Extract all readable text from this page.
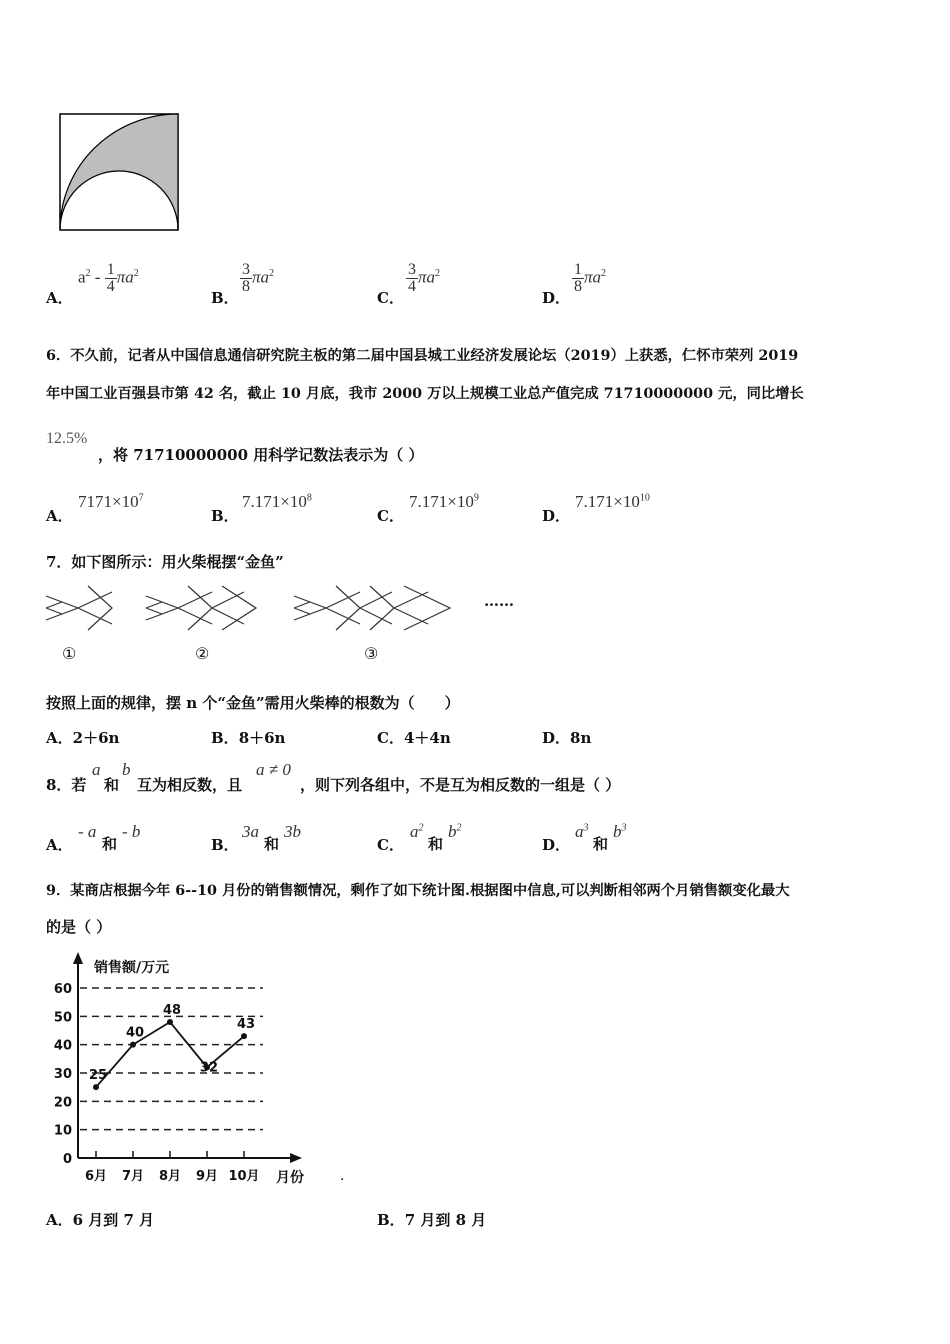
A．
$a^2 - \frac{1}{4} \pi a^2$
B．
$\frac{3}{8} \pi a^2$
C．
$\frac{3}{4} \pi a^2$
D．
$\frac{1}{8} \pi a^2$
6．不久前，记者从中国信息通信研究院主板的第二届中国县城工业经济发展论坛（2019）上获悉，仁怀市荣列 2019
年中国工业百强县市第 42 名，截止 10 月底，我市 2000 万以上规模工业总产值完成 71710000000 元，同比增长
12.5%
，将 71710000000 用科学记数法表示为（ ）
A．
$7171\times 10^7$
B．
$7.171\times 10^8$
C．
$7.171\times 10^9$
D．
$7.171\times 10^{10}$
7．如下图所示：用火柴棍摆“金鱼”
……
①	②	③
按照上面的规律，摆 n 个“金鱼”需用火柴棒的根数为（　　）
A．2＋6n	B．8＋6n	C．4＋4n	D．8n
8．若
a
和
b
互为相反数，且
a ≠ 0
，则下列各组中，不是互为相反数的一组是（ ）
A．
- a
和
- b
B．
3a
和
3b
C．
$a^2$
和
$b^2$
D．
$a^3$
和
$b^3$
9．某商店根据今年 6--10 月份的销售额情况，剩作了如下统计图.根据图中信息,可以判断相邻两个月销售额变化最大
的是（ ）
60
50
40
30
20
10
0
6月 7月 8月 9月 10月
25
40
48
32
43
销售额/万元
月份	.
A．6 月到 7 月	B．7 月到 8 月
